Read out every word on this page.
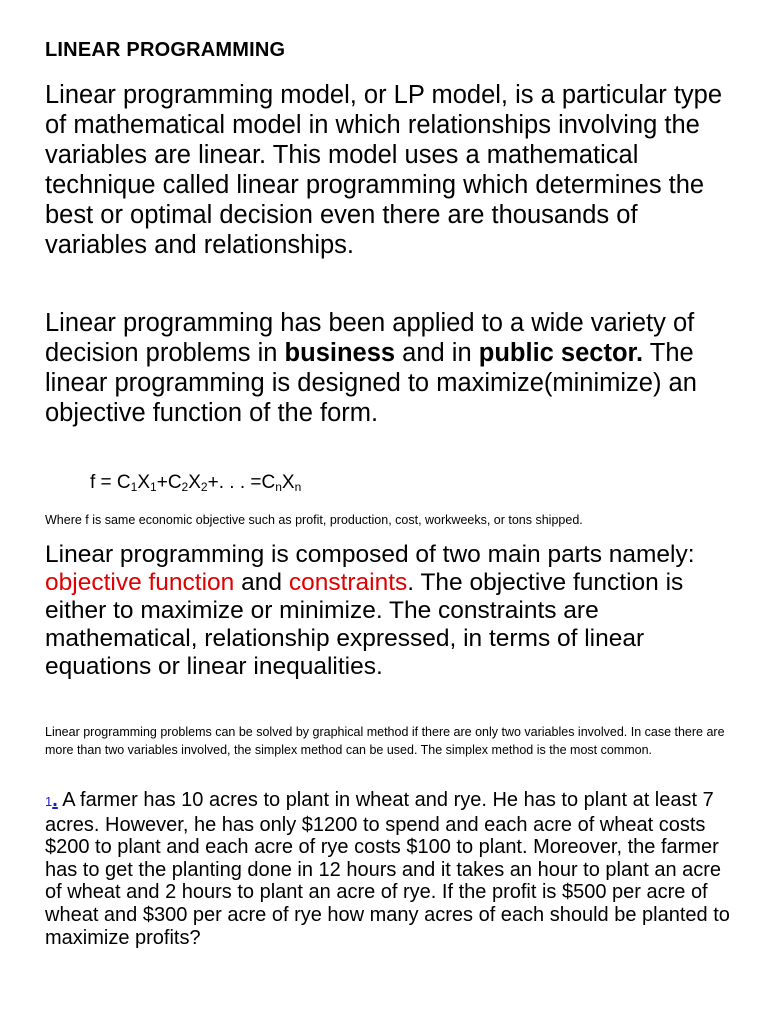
LINEAR PROGRAMMING
Linear programming model, or LP model, is a particular type of mathematical model in which relationships involving the variables are linear. This model uses a mathematical technique called linear programming which determines the best or optimal decision even there are thousands of variables and relationships.
Linear programming has been applied to a wide variety of decision problems in business and in public sector. The linear programming is designed to maximize(minimize) an objective function of the form.
$f = C_1X_1+C_2X_2+$. . . $=C_nX_n$
Where f is same economic objective such as profit, production, cost, workweeks, or tons shipped.
Linear programming is composed of two main parts namely: objective function and constraints. The objective function is either to maximize or minimize. The constraints are mathematical, relationship expressed, in terms of linear equations or linear inequalities.
Linear programming problems can be solved by graphical method if there are only two variables involved. In case there are more than two variables involved, the simplex method can be used. The simplex method is the most common.
1. A farmer has 10 acres to plant in wheat and rye. He has to plant at least 7 acres. However, he has only $1200 to spend and each acre of wheat costs $200 to plant and each acre of rye costs $100 to plant. Moreover, the farmer has to get the planting done in 12 hours and it takes an hour to plant an acre of wheat and 2 hours to plant an acre of rye. If the profit is $500 per acre of wheat and $300 per acre of rye how many acres of each should be planted to maximize profits?
